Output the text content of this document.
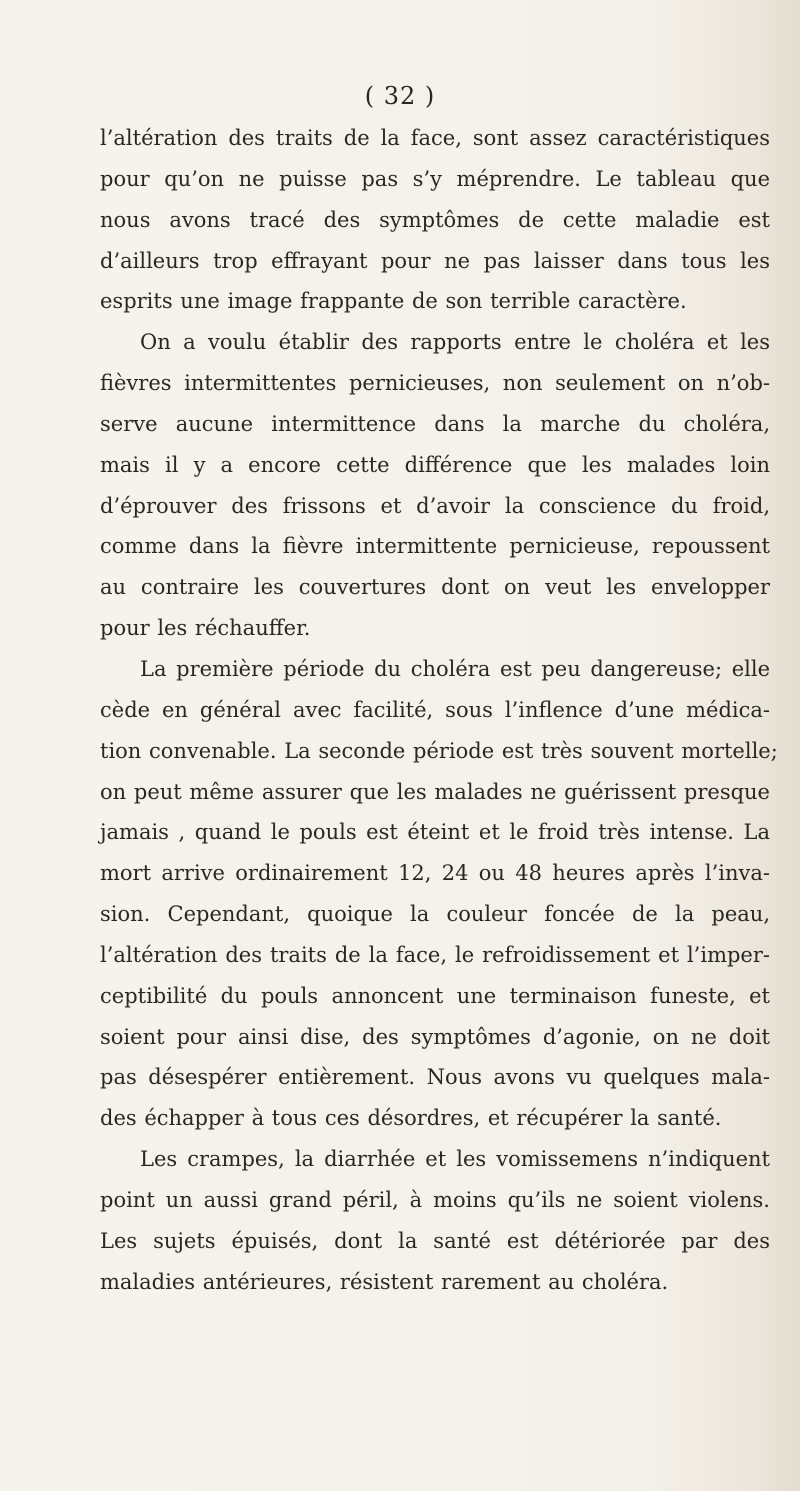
( 32 )
l’altération des traits de la face, sont assez caractéristiques
pour qu’on ne puisse pas s’y méprendre. Le tableau que
nous avons tracé des symptômes de cette maladie est
d’ailleurs trop effrayant pour ne pas laisser dans tous les
esprits une image frappante de son terrible caractère.
On a voulu établir des rapports entre le choléra et les
fièvres intermittentes pernicieuses, non seulement on n’ob-
serve aucune intermittence dans la marche du choléra,
mais il y a encore cette différence que les malades loin
d’éprouver des frissons et d’avoir la conscience du froid,
comme dans la fièvre intermittente pernicieuse, repoussent
au contraire les couvertures dont on veut les envelopper
pour les réchauffer.
La première période du choléra est peu dangereuse; elle
cède en général avec facilité, sous l’inflence d’une médica-
tion convenable. La seconde période est très souvent mortelle;
on peut même assurer que les malades ne guérissent presque
jamais , quand le pouls est éteint et le froid très intense. La
mort arrive ordinairement 12, 24 ou 48 heures après l’inva-
sion. Cependant, quoique la couleur foncée de la peau,
l’altération des traits de la face, le refroidissement et l’imper-
ceptibilité du pouls annoncent une terminaison funeste, et
soient pour ainsi dise, des symptômes d’agonie, on ne doit
pas désespérer entièrement. Nous avons vu quelques mala-
des échapper à tous ces désordres, et récupérer la santé.
Les crampes, la diarrhée et les vomissemens n’indiquent
point un aussi grand péril, à moins qu’ils ne soient violens.
Les sujets épuisés, dont la santé est détériorée par des
maladies antérieures, résistent rarement au choléra.
